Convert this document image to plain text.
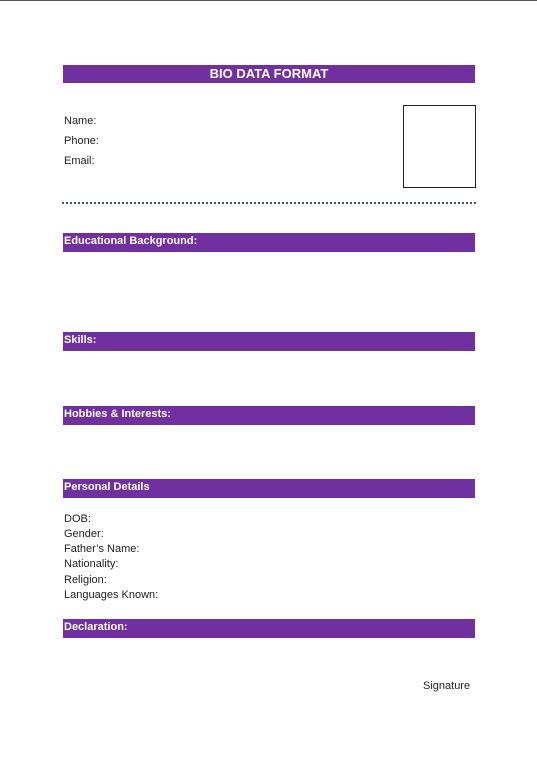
BIO DATA FORMAT
Name:
Phone:
Email:
Educational Background:
Skills:
Hobbies & Interests:
Personal Details
DOB:
Gender:
Father’s Name:
Nationality:
Religion:
Languages Known:
Declaration:
Signature
